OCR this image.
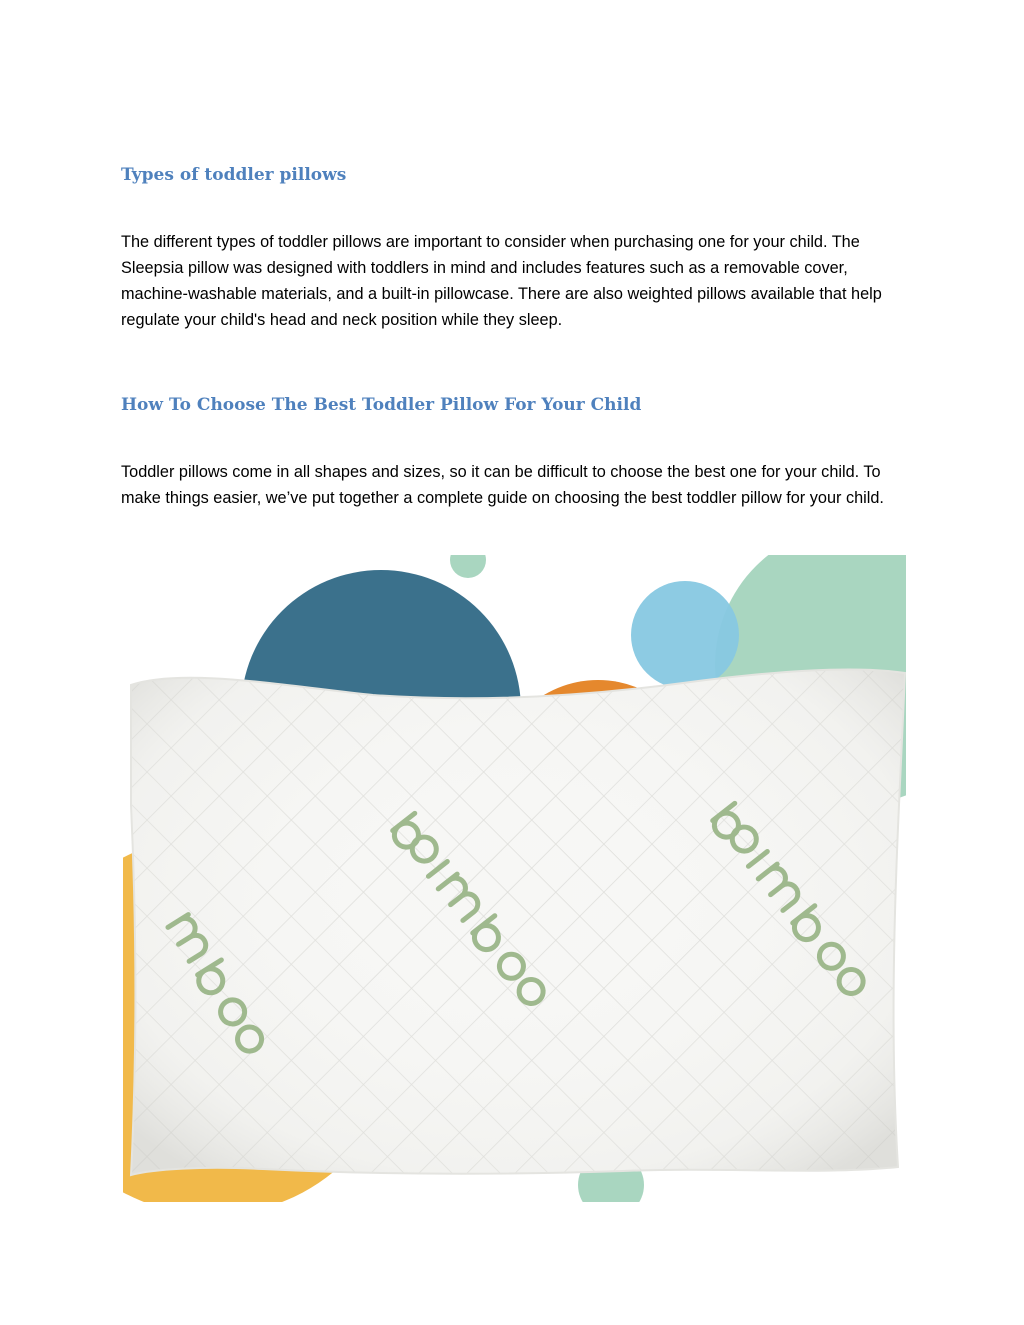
Types of toddler pillows

The different types of toddler pillows are important to consider when purchasing one for your child. The Sleepsia pillow was designed with toddlers in mind and includes features such as a removable cover, machine-washable materials, and a built-in pillowcase. There are also weighted pillows available that help regulate your child's head and neck position while they sleep.

How To Choose The Best Toddler Pillow For Your Child

Toddler pillows come in all shapes and sizes, so it can be difficult to choose the best one for your child. To make things easier, we’ve put together a complete guide on choosing the best toddler pillow for your child.
